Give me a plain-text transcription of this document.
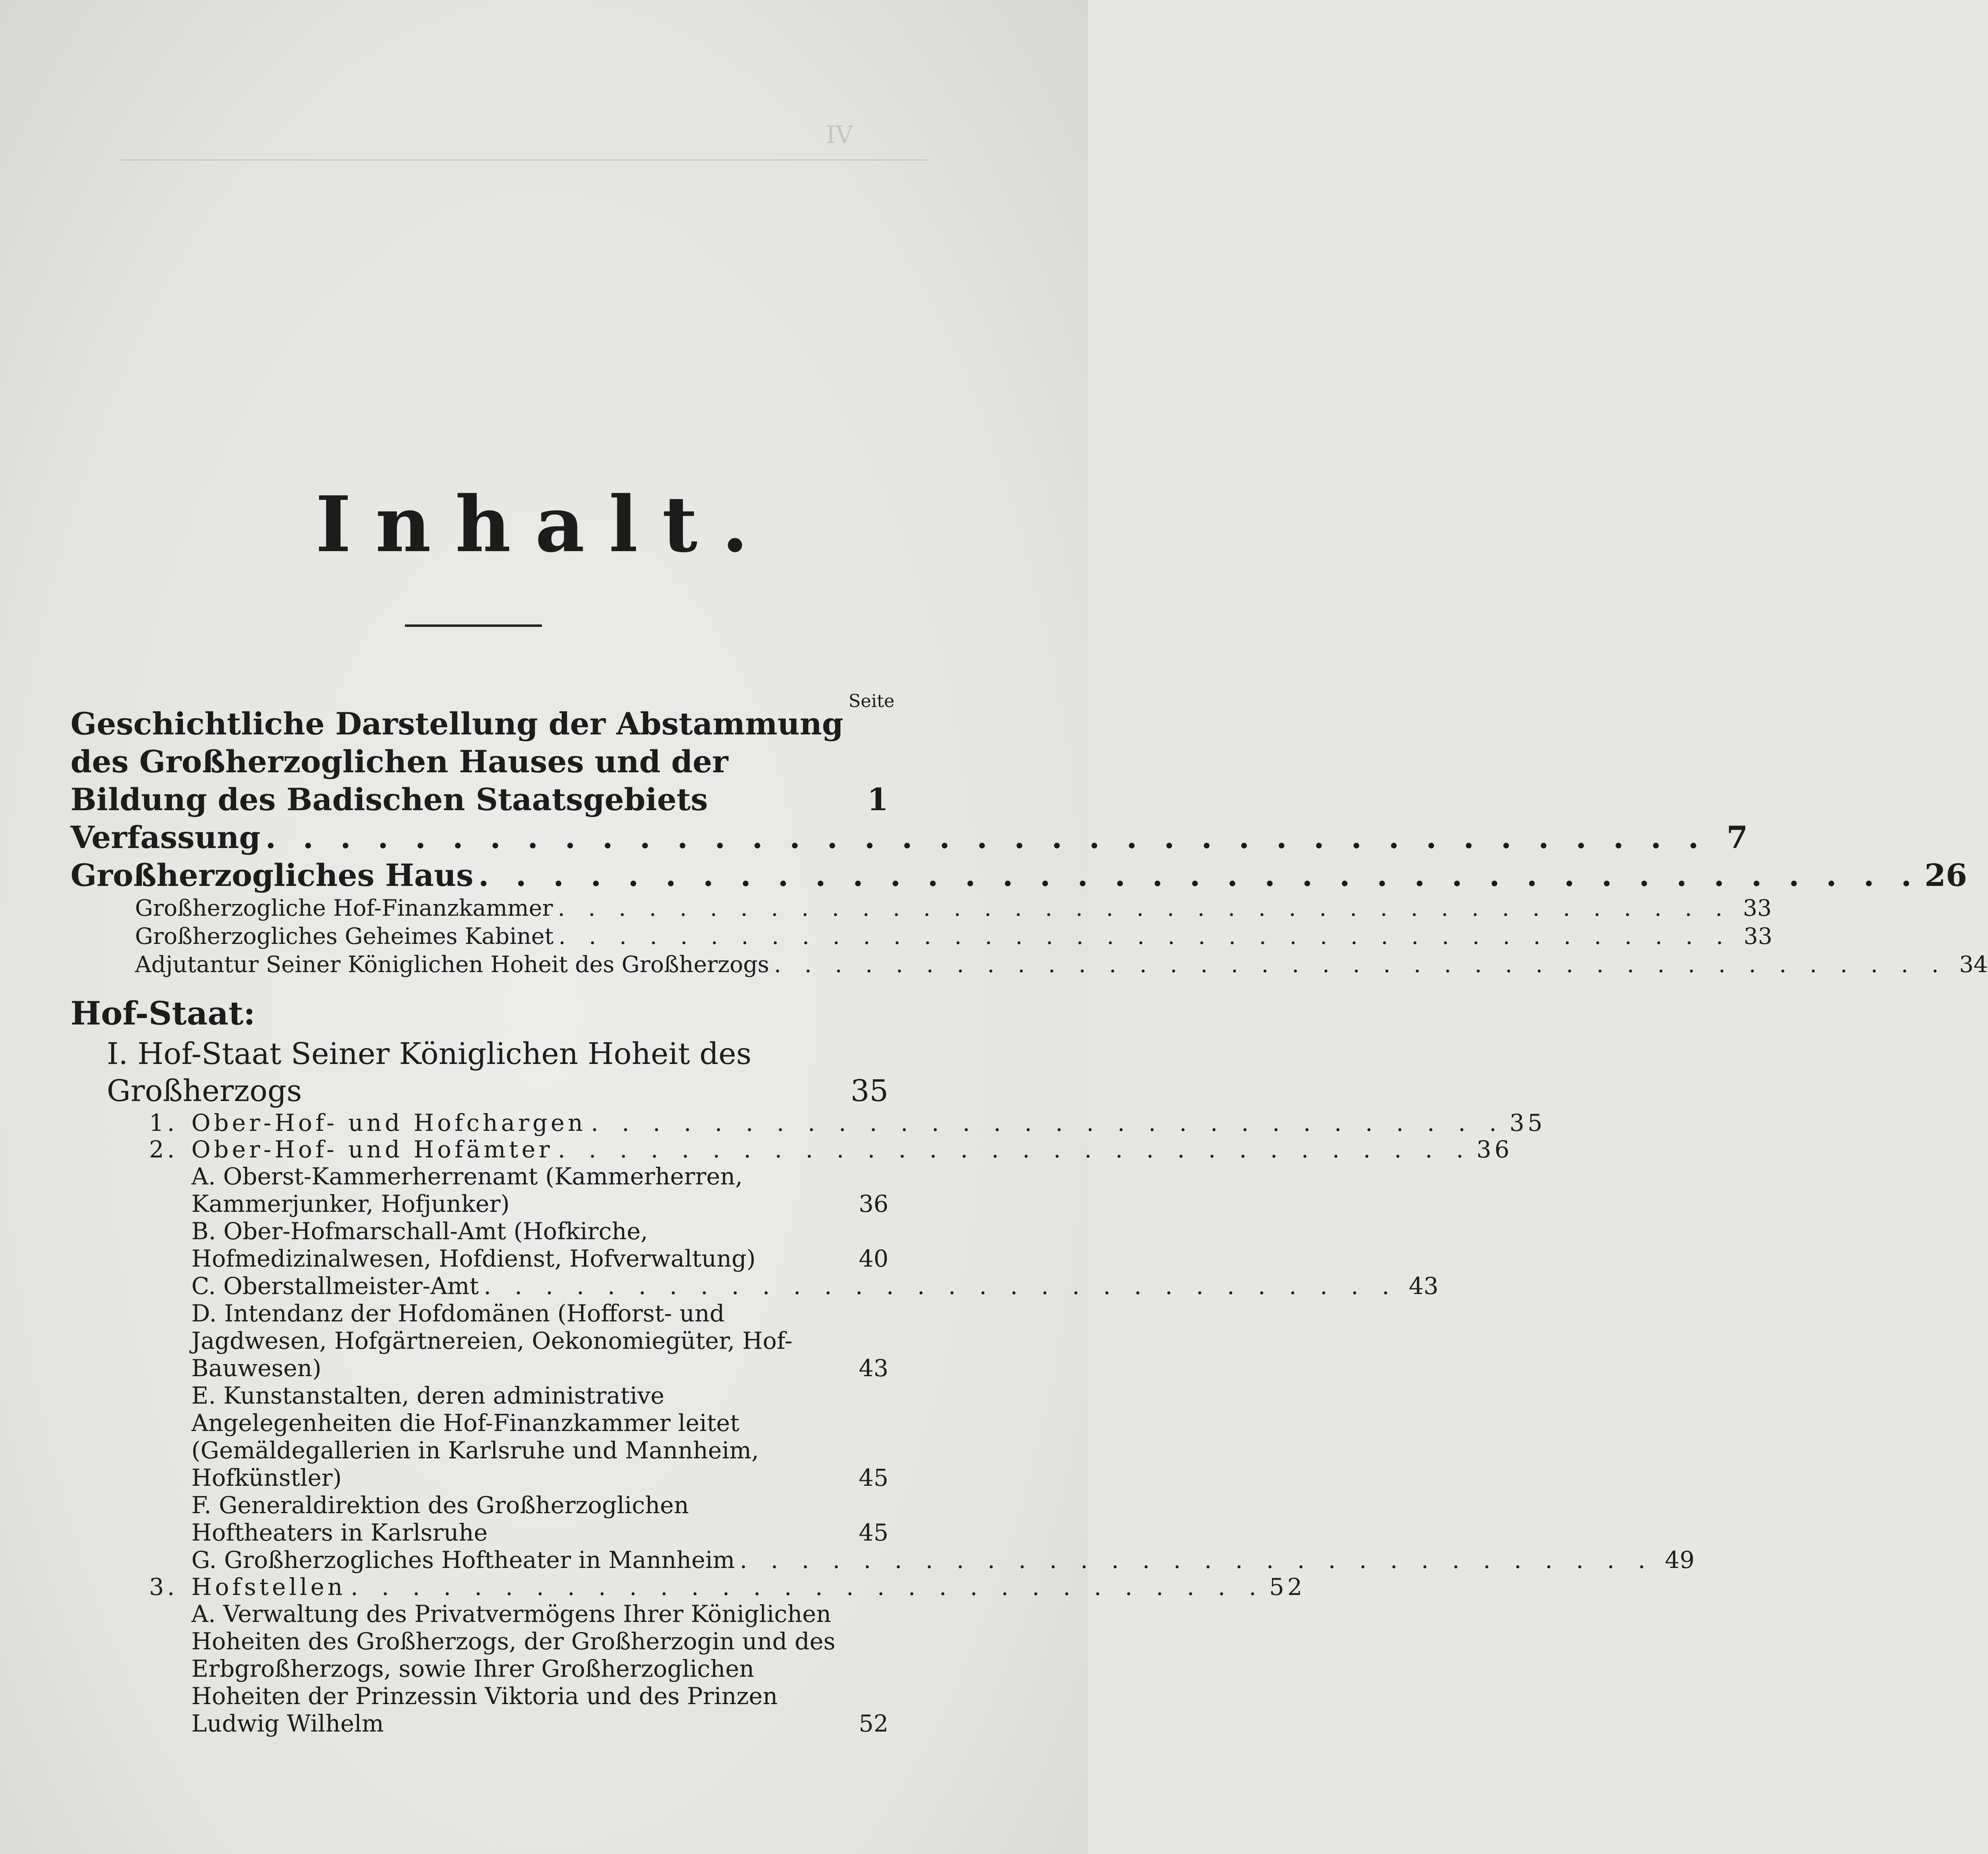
IV
Inhalt.
Seite
Geschichtliche Darstellung der Abstammung des Großherzoglichen Hauses und der Bildung des Badischen Staatsgebiets	1
Verfassung . . . . . . . . . . . . . . . . . . . . . . . . . . . . . . . . . . . . . . . 7
Großherzogliches Haus . . . . . . . . . . . . . . . . . . . . . . . . . . . . . . . . . . . . . . . 26
Großherzogliche Hof-Finanzkammer . . . . . . . . . . . . . . . . . . . . . . . . . . . . . . . . . . . . . . . 33
Großherzogliches Geheimes Kabinet . . . . . . . . . . . . . . . . . . . . . . . . . . . . . . . . . . . . . . . 33
Adjutantur Seiner Königlichen Hoheit des Großherzogs . . . . . . . . . . . . . . . . . . . . . . . . . . . . . . . . . . . . . . . 34
Hof-Staat:
I. Hof-Staat Seiner Königlichen Hoheit des Großherzogs	35
1. Ober-Hof- und Hofchargen . . . . . . . . . . . . . . . . . . . . . . . . . . . . . . 35
2. Ober-Hof- und Hofämter . . . . . . . . . . . . . . . . . . . . . . . . . . . . . . 36
A. Oberst-Kammerherrenamt (Kammerherren, Kammerjunker, Hofjunker)	36
B. Ober-Hofmarschall-Amt (Hofkirche, Hofmedizinalwesen, Hofdienst, Hofverwaltung)	40
C. Oberstallmeister-Amt . . . . . . . . . . . . . . . . . . . . . . . . . . . . . . 43
D. Intendanz der Hofdomänen (Hofforst- und Jagdwesen, Hofgärtnereien, Oekonomiegüter, Hof-Bauwesen)	43
E. Kunstanstalten, deren administrative Angelegenheiten die Hof-Finanzkammer leitet (Gemäldegallerien in Karlsruhe und Mannheim, Hofkünstler)	45
F. Generaldirektion des Großherzoglichen Hoftheaters in Karlsruhe	45
G. Großherzogliches Hoftheater in Mannheim . . . . . . . . . . . . . . . . . . . . . . . . . . . . . . 49
3. Hofstellen . . . . . . . . . . . . . . . . . . . . . . . . . . . . . . 52
A. Verwaltung des Privatvermögens Ihrer Königlichen Hoheiten des Großherzogs, der Großherzogin und des Erbgroßherzogs, sowie Ihrer Großherzoglichen Hoheiten der Prinzessin Viktoria und des Prinzen Ludwig Wilhelm	52
